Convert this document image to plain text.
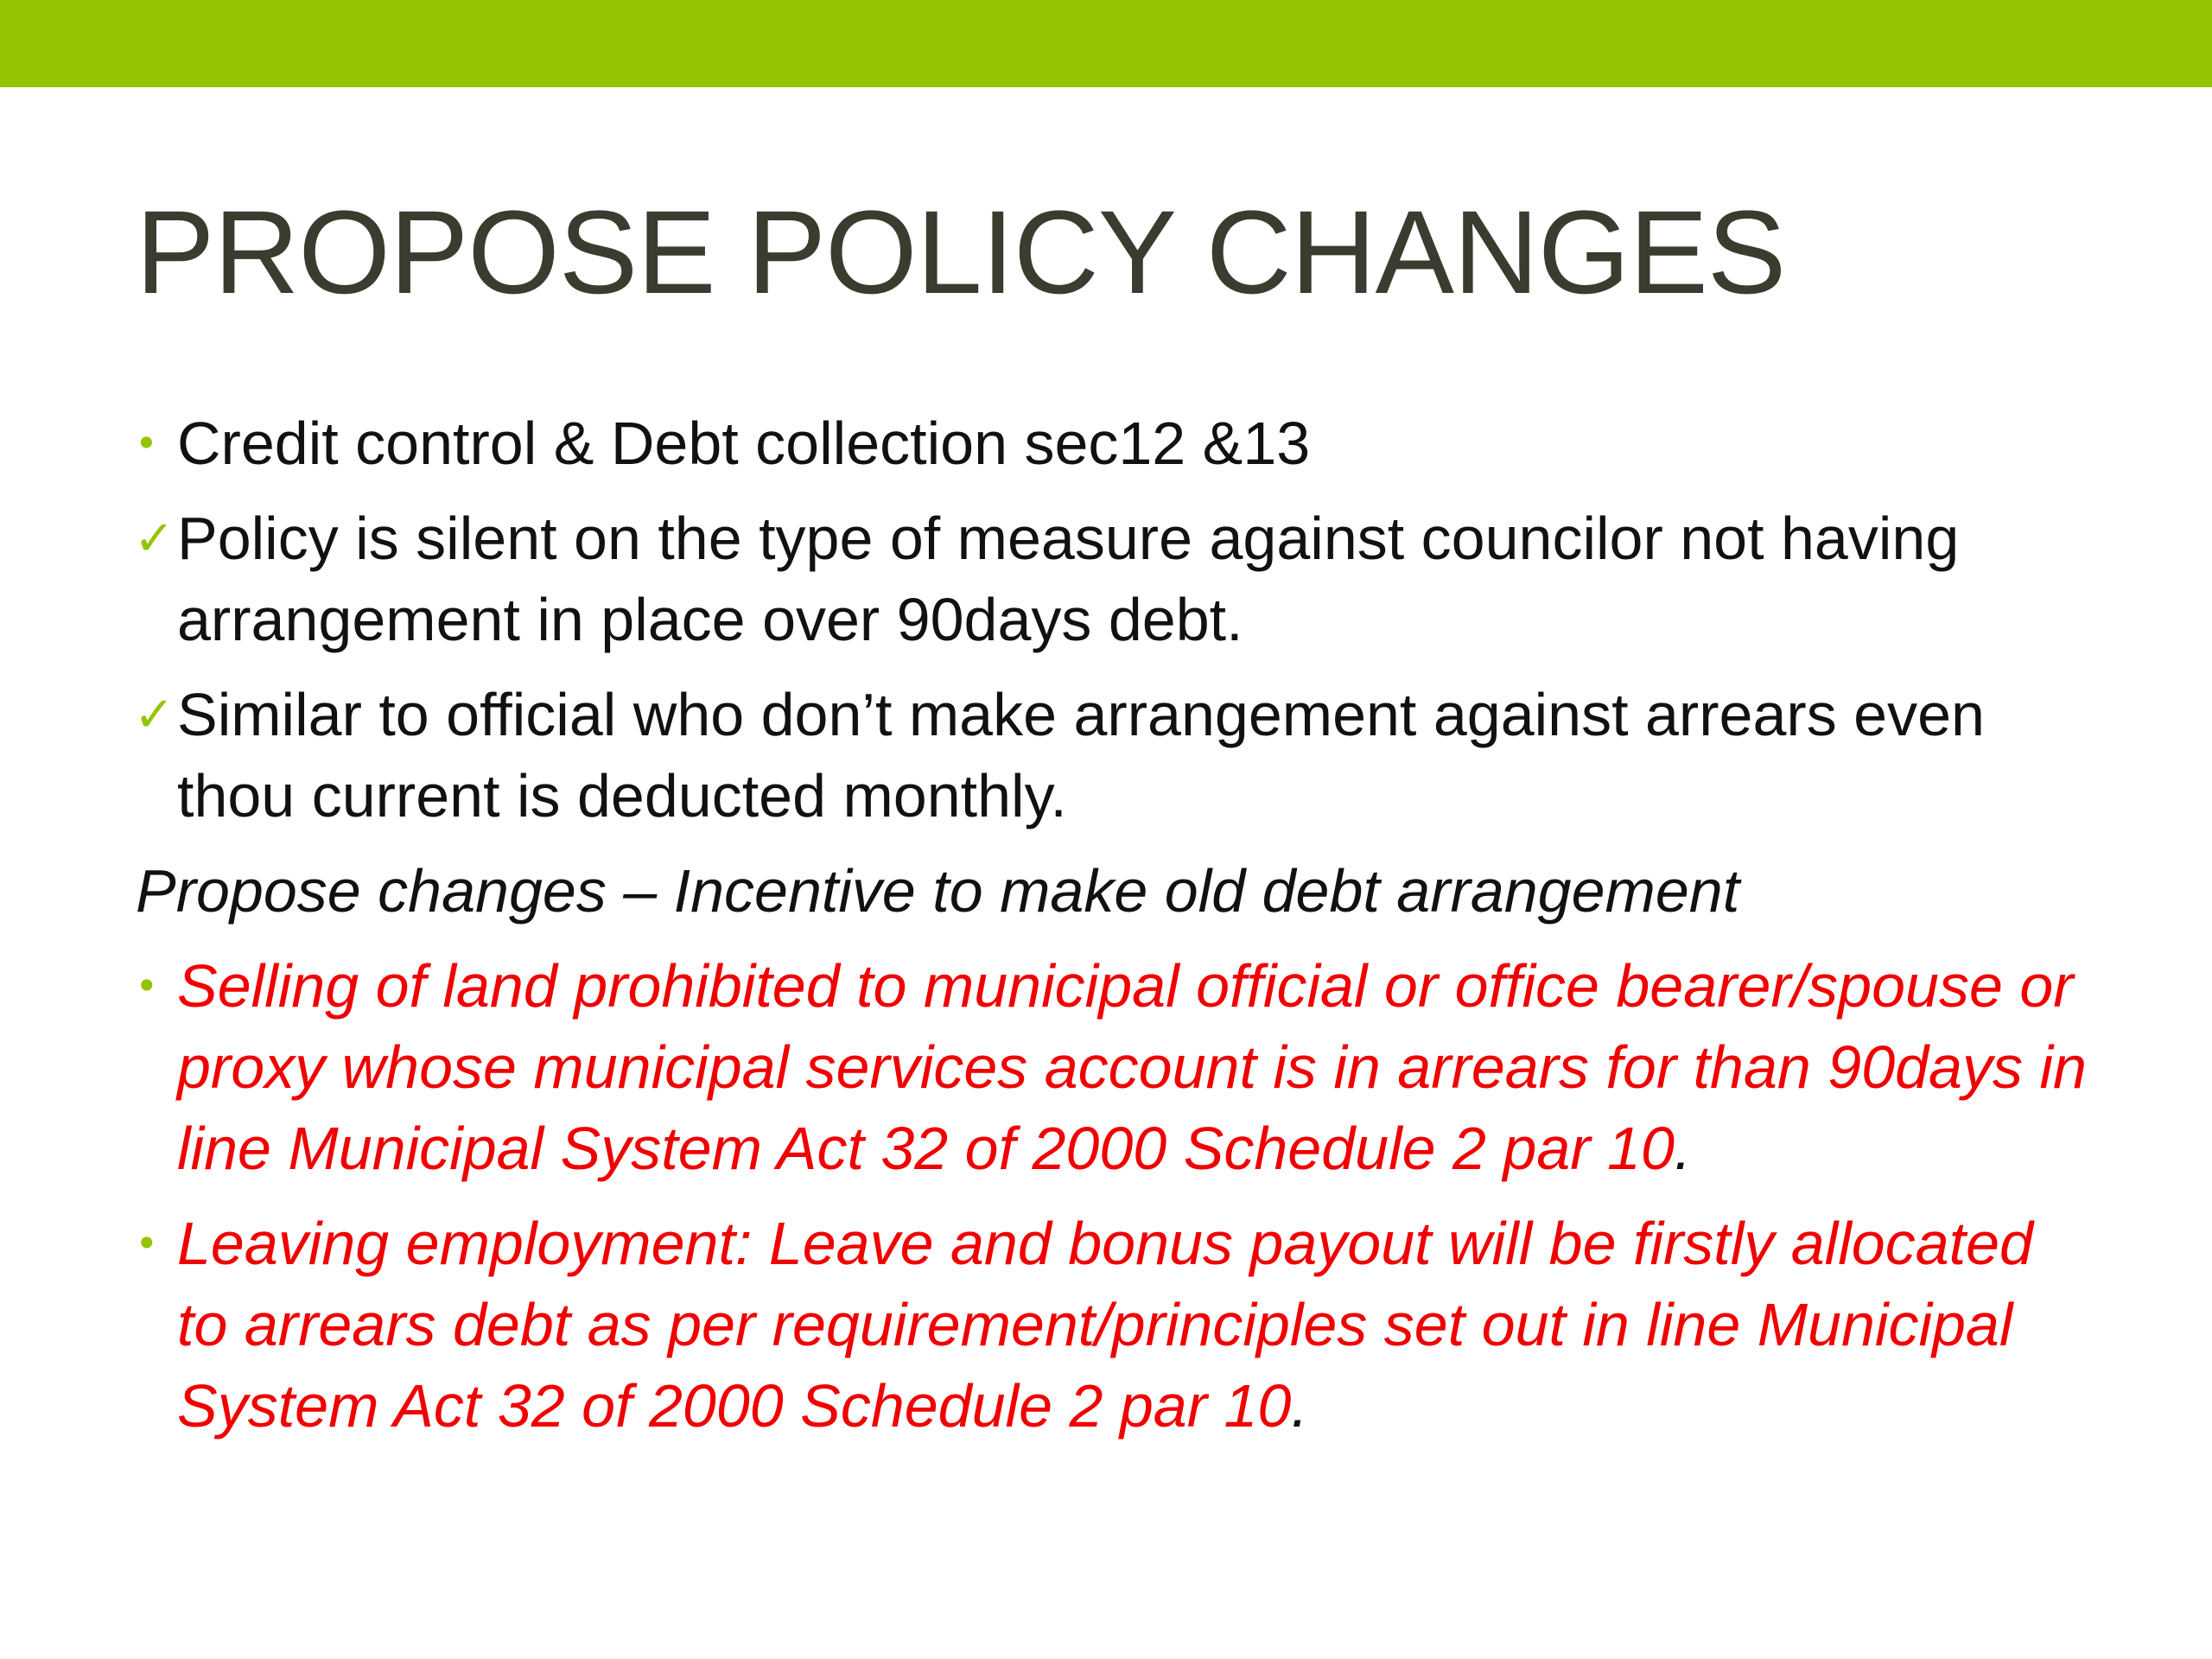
PROPOSE POLICY CHANGES
• Credit control & Debt collection sec12 &13
✓ Policy is silent on the type of measure against councilor not having arrangement in place over 90days debt.
✓ Similar to official who don’t make arrangement against arrears even thou current is deducted monthly.
Propose changes – Incentive to make old debt arrangement
• Selling of land prohibited to municipal official or office bearer/spouse or proxy whose municipal services account is in arrears for than 90days in line Municipal System Act 32 of 2000 Schedule 2 par 10.
• Leaving employment: Leave and bonus payout will be firstly allocated to arrears debt as per requirement/principles set out in line Municipal System Act 32 of 2000 Schedule 2 par 10.
